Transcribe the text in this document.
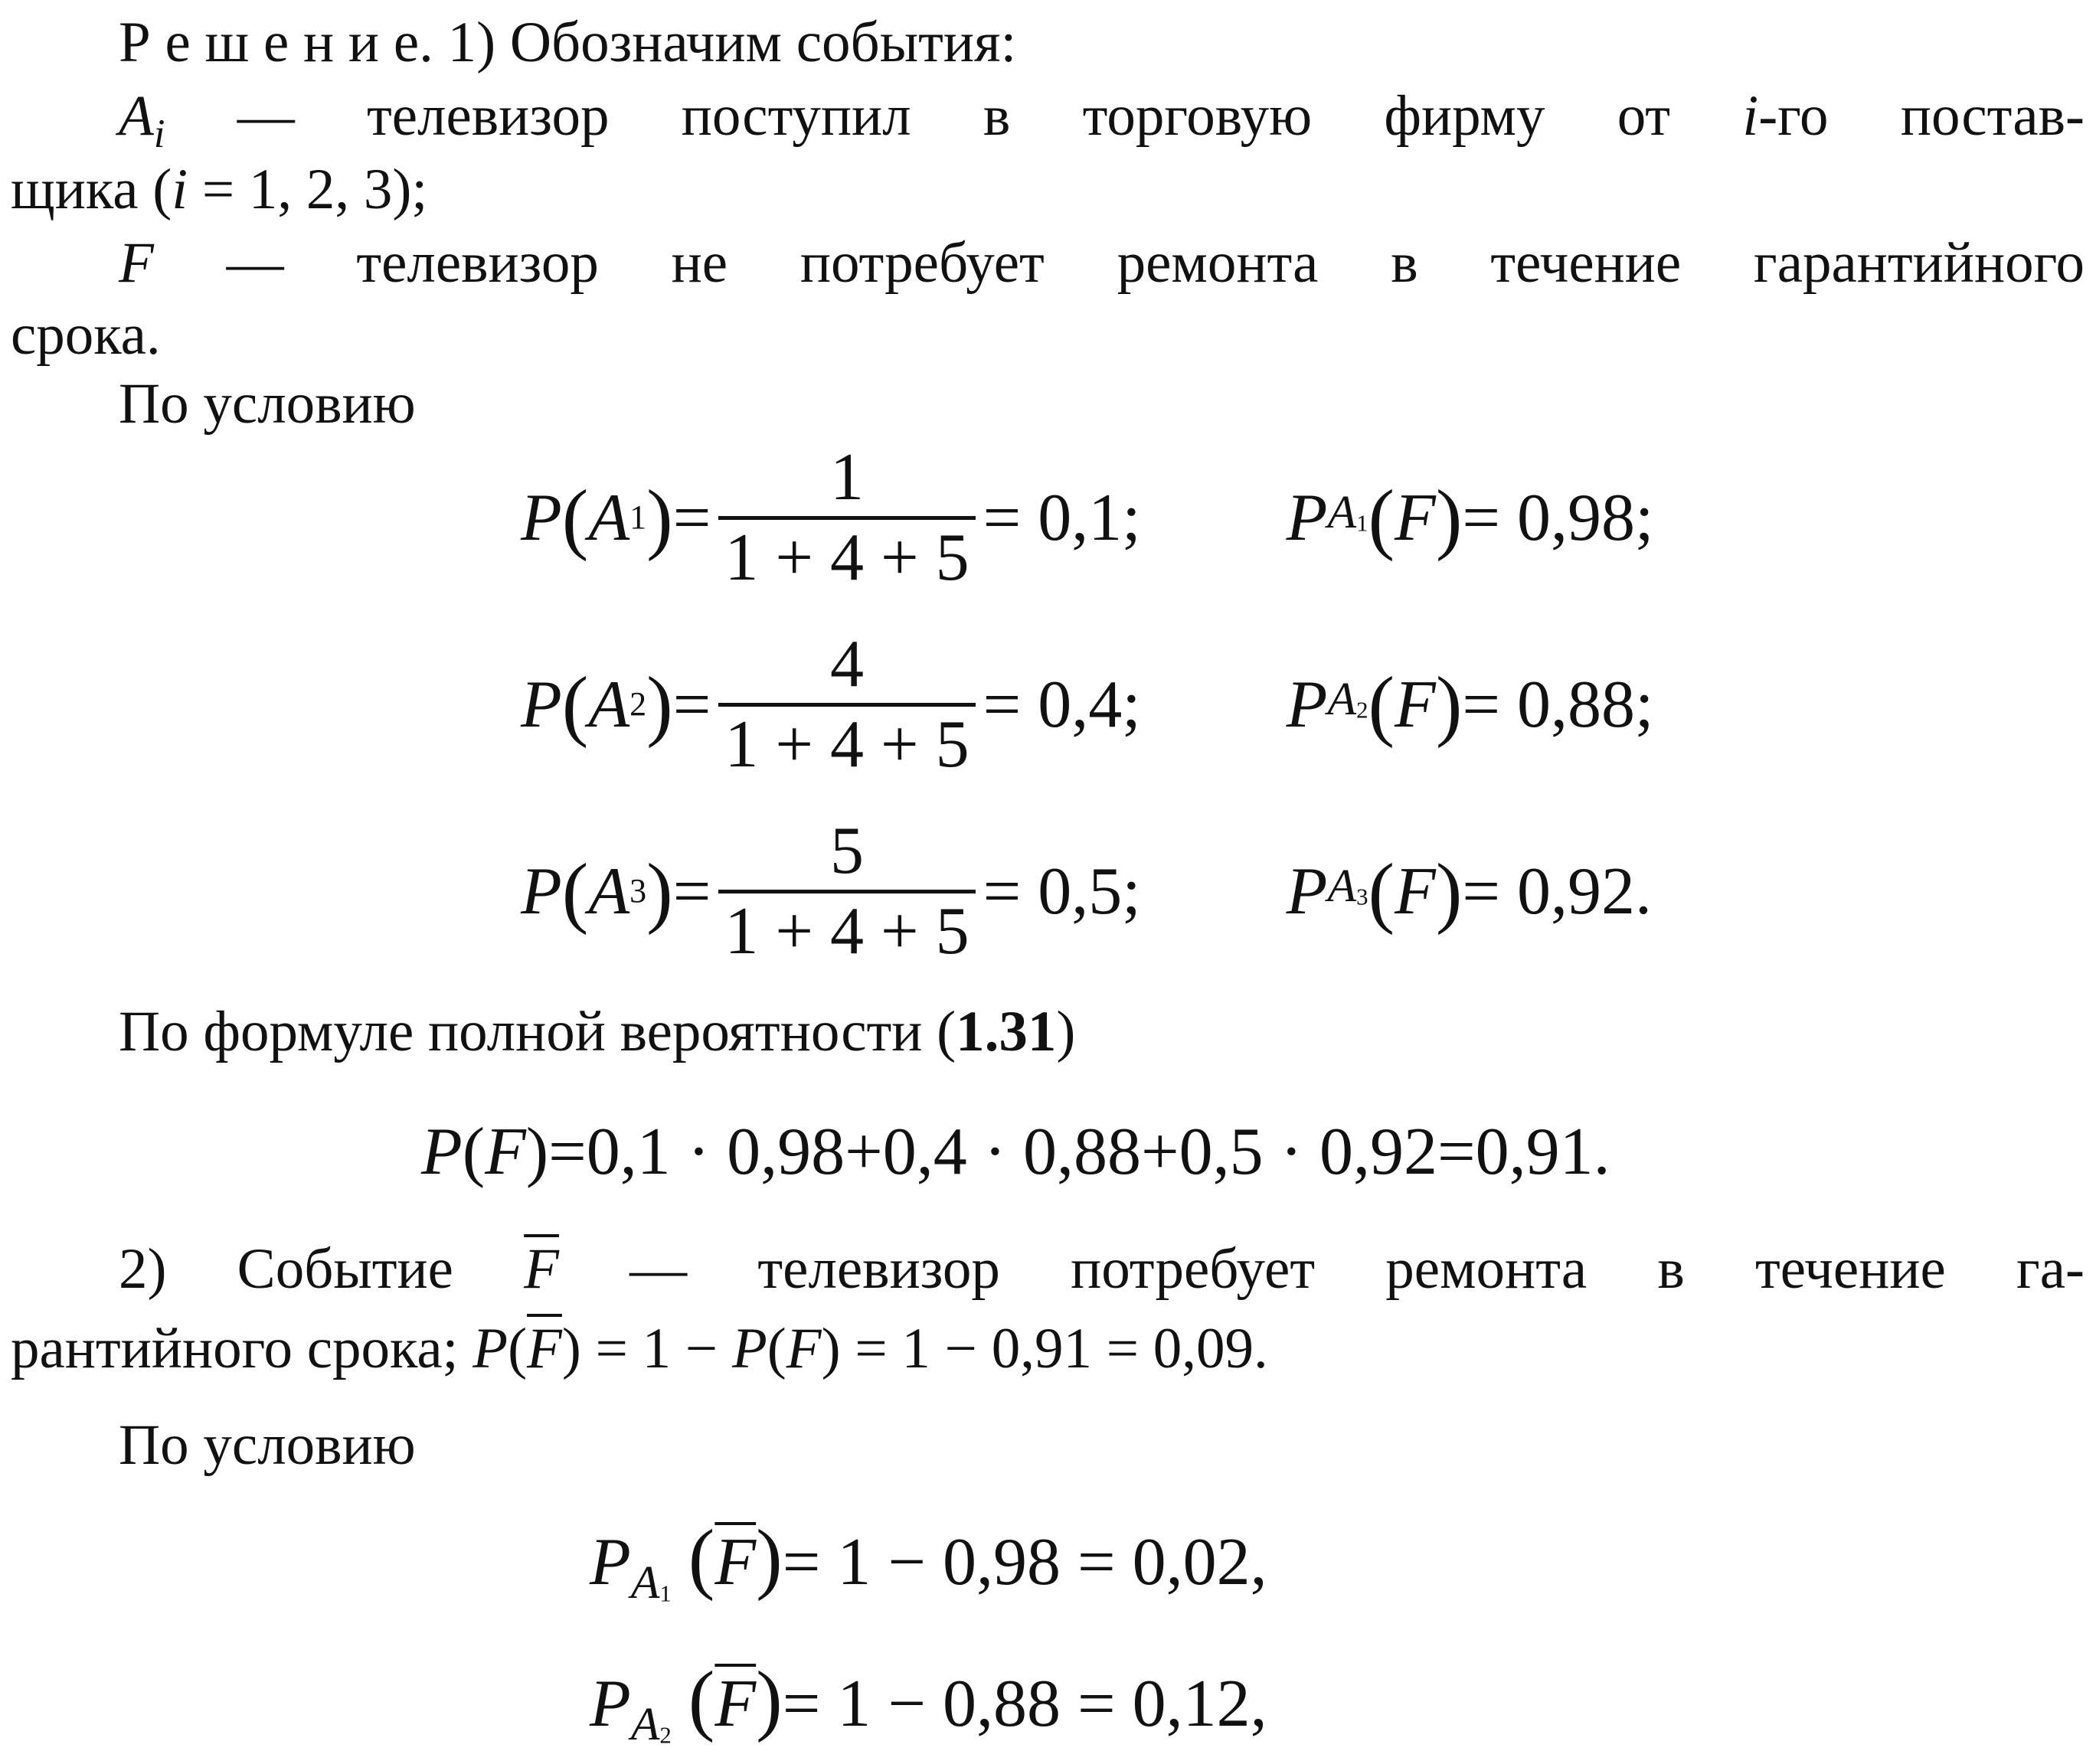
Р е ш е н и е. 1) Обозначим события:
$A_i$ — телевизор поступил в торговую фирму от i-го постав-
щика (i = 1, 2, 3);
F — телевизор не потребует ремонта в течение гарантийного
срока.
По условию
P ( A 1 ) = $\frac{1}{1 + 4 + 5} = 0,1$; P $A_1$ ( F ) = 0,98;
P ( A 2 ) = $\frac{4}{1 + 4 + 5} = 0,4$; P $A_2$ ( F ) = 0,88;
P ( A 3 ) = $\frac{5}{1 + 4 + 5} = 0,5$; P $A_3$ ( F ) = 0,92.
По формуле полной вероятности (1.31)
P(F)=0,1 · 0,98+0,4 · 0,88+0,5 · 0,92=0,91.
2) Событие $\overline{F}$ — телевизор потребует ремонта в течение га-
рантийного срока; $P(\overline{F}) = 1 - P(F) = 1 - 0,91 = 0,09$.
По условию
$P_{A_1}$ $(\overline{F})= 1 - 0,98 = 0,02$,
$P_{A_2}$ $(\overline{F})= 1 - 0,88 = 0,12$,
